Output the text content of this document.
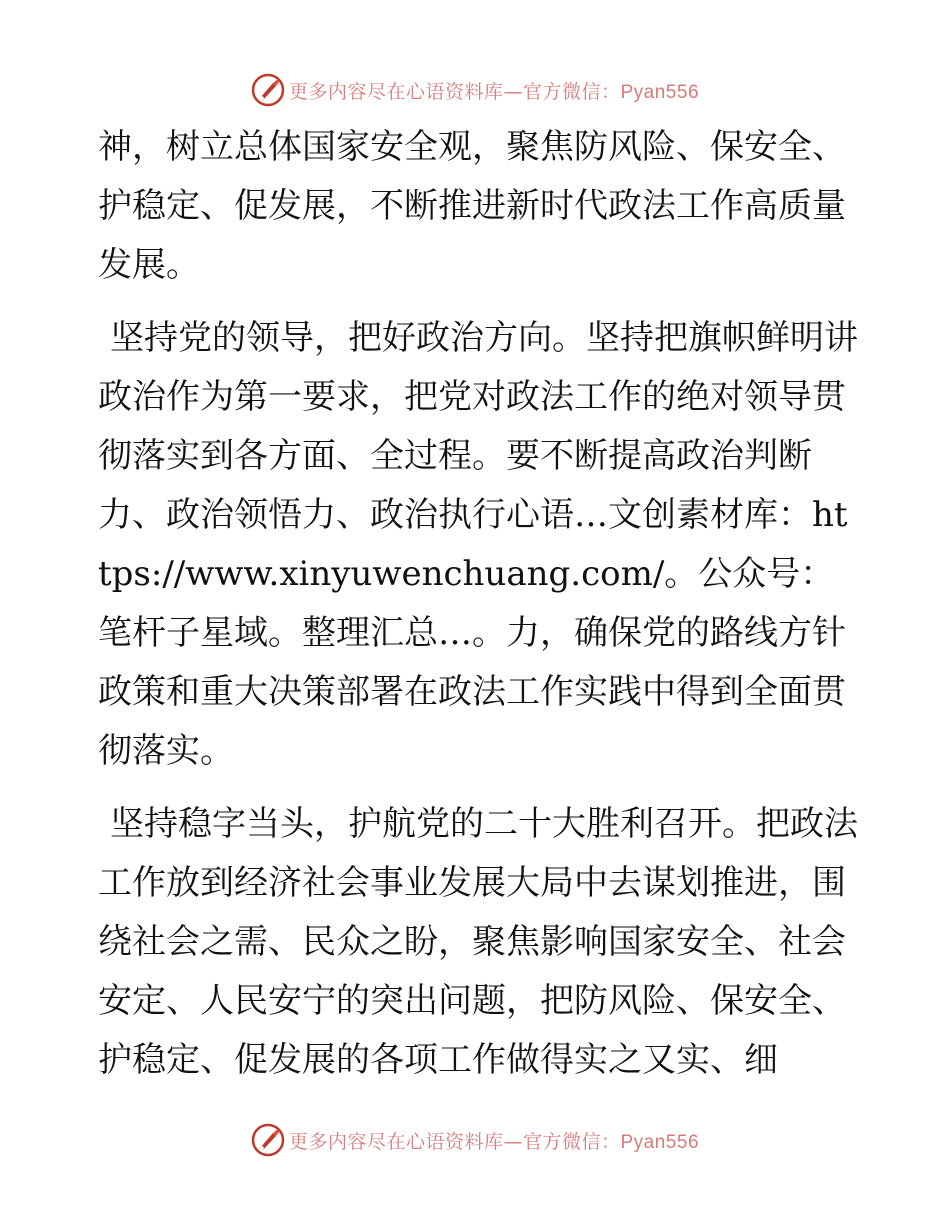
更多内容尽在心语资料库—官方微信：Pyan556

神，树立总体国家安全观，聚焦防风险、保安全、护稳定、促发展，不断推进新时代政法工作高质量发展。

坚持党的领导，把好政治方向。坚持把旗帜鲜明讲政治作为第一要求，把党对政法工作的绝对领导贯彻落实到各方面、全过程。要不断提高政治判断力、政治领悟力、政治执行心语…文创素材库：https://www.xinyuwenchuang.com/。公众号：笔杆子星域。整理汇总…。力，确保党的路线方针政策和重大决策部署在政法工作实践中得到全面贯彻落实。

坚持稳字当头，护航党的二十大胜利召开。把政法工作放到经济社会事业发展大局中去谋划推进，围绕社会之需、民众之盼，聚焦影响国家安全、社会安定、人民安宁的突出问题，把防风险、保安全、护稳定、促发展的各项工作做得实之又实、细

更多内容尽在心语资料库—官方微信：Pyan556
